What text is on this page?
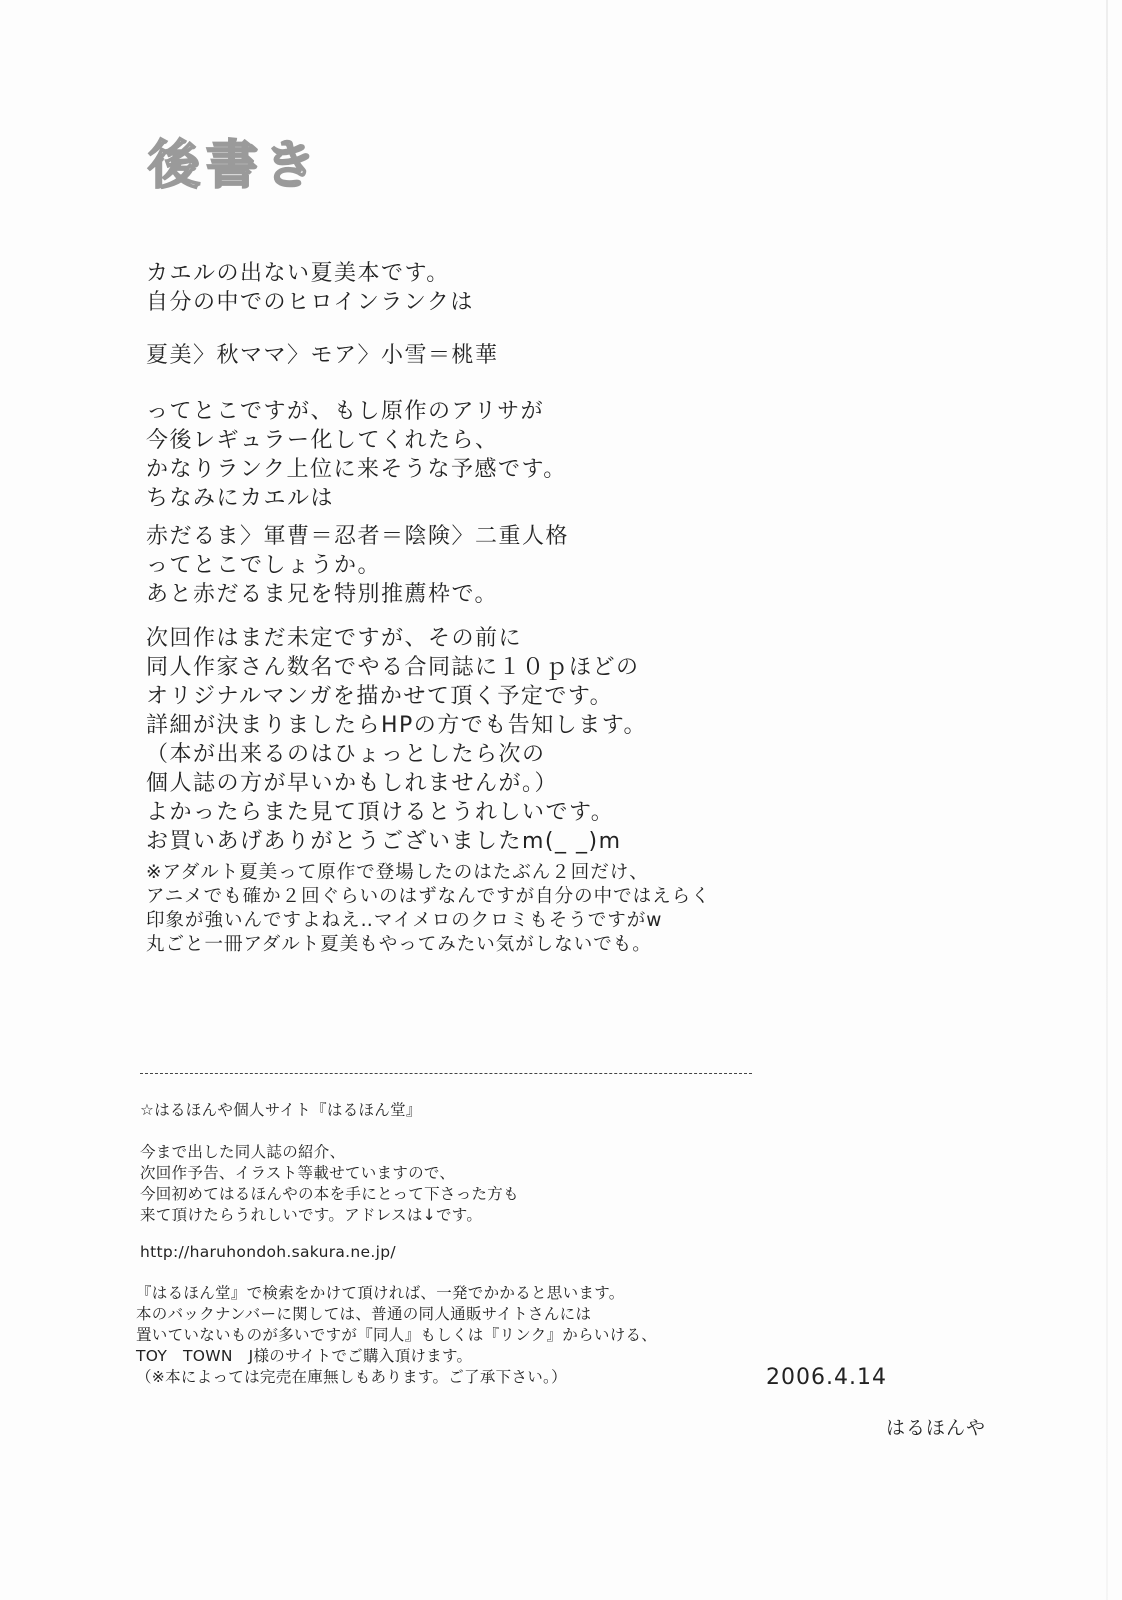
後書き
カエルの出ない夏美本です。
自分の中でのヒロインランクは
夏美〉秋ママ〉モア〉小雪＝桃華
ってとこですが、もし原作のアリサが
今後レギュラー化してくれたら、
かなりランク上位に来そうな予感です。
ちなみにカエルは
赤だるま〉軍曹＝忍者＝陰険〉二重人格
ってとこでしょうか。
あと赤だるま兄を特別推薦枠で。
次回作はまだ未定ですが、その前に
同人作家さん数名でやる合同誌に１０ｐほどの
オリジナルマンガを描かせて頂く予定です。
詳細が決まりましたらHPの方でも告知します。
（本が出来るのはひょっとしたら次の
個人誌の方が早いかもしれませんが。）
よかったらまた見て頂けるとうれしいです。
お買いあげありがとうございましたm(_ _)m
※アダルト夏美って原作で登場したのはたぶん２回だけ、
アニメでも確か２回ぐらいのはずなんですが自分の中ではえらく
印象が強いんですよねえ‥マイメロのクロミもそうですがw
丸ごと一冊アダルト夏美もやってみたい気がしないでも。
☆はるほんや個人サイト『はるほん堂』
今まで出した同人誌の紹介、
次回作予告、イラスト等載せていますので、
今回初めてはるほんやの本を手にとって下さった方も
来て頂けたらうれしいです。アドレスは↓です。
http://haruhondoh.sakura.ne.jp/
『はるほん堂』で検索をかけて頂ければ、一発でかかると思います。
本のバックナンバーに関しては、普通の同人通販サイトさんには
置いていないものが多いですが『同人』もしくは『リンク』からいける、
TOY　TOWN　J様のサイトでご購入頂けます。
（※本によっては完売在庫無しもあります。ご了承下さい。）	2006.4.14
はるほんや
